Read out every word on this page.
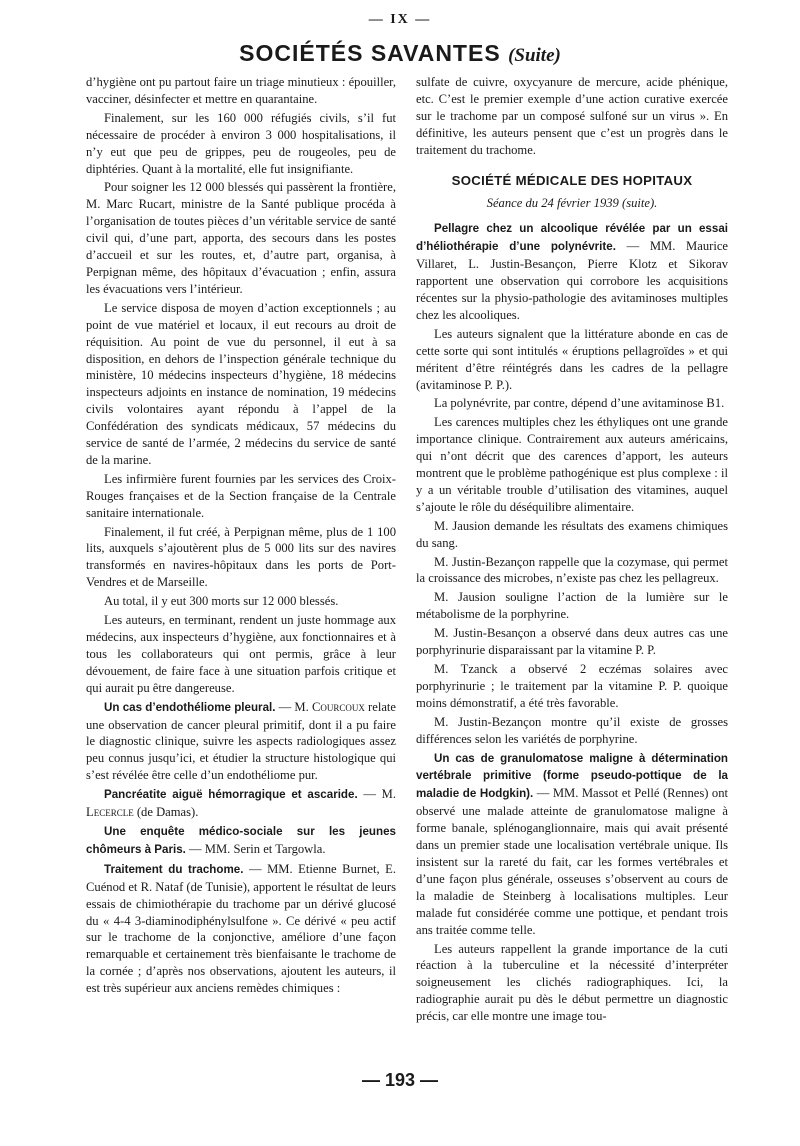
— IX —
SOCIÉTÉS SAVANTES (Suite)

d’hygiène ont pu partout faire un triage minutieux : épouiller, vacciner, désinfecter et mettre en quarantaine.

Finalement, sur les 160 000 réfugiés civils, s’il fut nécessaire de procéder à environ 3 000 hospitalisations, il n’y eut que peu de grippes, peu de rougeoles, peu de diphtéries. Quant à la mortalité, elle fut insignifiante.

Pour soigner les 12 000 blessés qui passèrent la frontière, M. Marc Rucart, ministre de la Santé publique procéda à l’organisation de toutes pièces d’un véritable service de santé civil qui, d’une part, apporta, des secours dans les postes d’accueil et sur les routes, et, d’autre part, organisa, à Perpignan même, des hôpitaux d’évacuation ; enfin, assura les évacuations vers l’intérieur.

Le service disposa de moyen d’action exceptionnels ; au point de vue matériel et locaux, il eut recours au droit de réquisition. Au point de vue du personnel, il eut à sa disposition, en dehors de l’inspection générale technique du ministère, 10 médecins inspecteurs d’hygiène, 18 médecins inspecteurs adjoints en instance de nomination, 19 médecins civils volontaires ayant répondu à l’appel de la Confédération des syndicats médicaux, 57 médecins du service de santé de l’armée, 2 médecins du service de santé de la marine.

Les infirmière furent fournies par les services des Croix-Rouges françaises et de la Section française de la Centrale sanitaire internationale.

Finalement, il fut créé, à Perpignan même, plus de 1 100 lits, auxquels s’ajoutèrent plus de 5 000 lits sur des navires transformés en navires-hôpitaux dans les ports de Port-Vendres et de Marseille.

Au total, il y eut 300 morts sur 12 000 blessés.

Les auteurs, en terminant, rendent un juste hommage aux médecins, aux inspecteurs d’hygiène, aux fonctionnaires et à tous les collaborateurs qui ont permis, grâce à leur dévouement, de faire face à une situation parfois critique et qui aurait pu être dangereuse.

Un cas d’endothéliome pleural. — M. Courcoux relate une observation de cancer pleural primitif, dont il a pu faire le diagnostic clinique, suivre les aspects radiologiques assez peu connus jusqu’ici, et étudier la structure histologique qui s’est révélée être celle d’un endothéliome pur.

Pancréatite aiguë hémorragique et ascaride. — M. Lecercle (de Damas).

Une enquête médico-sociale sur les jeunes chômeurs à Paris. — MM. Serin et Targowla.

Traitement du trachome. — MM. Etienne Burnet, E. Cuénod et R. Nataf (de Tunisie), apportent le résultat de leurs essais de chimiothérapie du trachome par un dérivé glucosé du « 4-4 3-diaminodiphénylsulfone ». Ce dérivé « peu actif sur le trachome de la conjonctive, améliore d’une façon remarquable et certainement très bienfaisante le trachome de la cornée ; d’après nos observations, ajoutent les auteurs, il est très supérieur aux anciens remèdes chimiques :

sulfate de cuivre, oxycyanure de mercure, acide phénique, etc. C’est le premier exemple d’une action curative exercée sur le trachome par un composé sulfoné sur un virus ». En définitive, les auteurs pensent que c’est un progrès dans le traitement du trachome.

SOCIÉTÉ MÉDICALE DES HOPITAUX
Séance du 24 février 1939 (suite).

Pellagre chez un alcoolique révélée par un essai d’héliothérapie d’une polynévrite. — MM. Maurice Villaret, L. Justin-Besançon, Pierre Klotz et Sikorav rapportent une observation qui corrobore les acquisitions récentes sur la physio-pathologie des avitaminoses multiples chez les alcooliques.

Les auteurs signalent que la littérature abonde en cas de cette sorte qui sont intitulés « éruptions pellagroïdes » et qui méritent d’être réintégrés dans les cadres de la pellagre (avitaminose P. P.).

La polynévrite, par contre, dépend d’une avitaminose B1.

Les carences multiples chez les éthyliques ont une grande importance clinique. Contrairement aux auteurs américains, qui n’ont décrit que des carences d’apport, les auteurs montrent que le problème pathogénique est plus complexe : il y a un véritable trouble d’utilisation des vitamines, auquel s’ajoute le rôle du déséquilibre alimentaire.

M. Jausion demande les résultats des examens chimiques du sang.

M. Justin-Bezançon rappelle que la cozymase, qui permet la croissance des microbes, n’existe pas chez les pellagreux.

M. Jausion souligne l’action de la lumière sur le métabolisme de la porphyrine.

M. Justin-Besançon a observé dans deux autres cas une porphyrinurie disparaissant par la vitamine P. P.

M. Tzanck a observé 2 eczémas solaires avec porphyrinurie ; le traitement par la vitamine P. P. quoique moins démonstratif, a été très favorable.

M. Justin-Bezançon montre qu’il existe de grosses différences selon les variétés de porphyrine.

Un cas de granulomatose maligne à détermination vertébrale primitive (forme pseudo-pottique de la maladie de Hodgkin). — MM. Massot et Pellé (Rennes) ont observé une malade atteinte de granulomatose maligne à forme banale, splénoganglionnaire, mais qui avait présenté dans un premier stade une localisation vertébrale unique. Ils insistent sur la rareté du fait, car les formes vertébrales et d’une façon plus générale, osseuses s’observent au cours de la maladie de Steinberg à localisations multiples. Leur malade fut considérée comme une pottique, et pendant trois ans traitée comme telle.

Les auteurs rappellent la grande importance de la cuti réaction à la tuberculine et la nécessité d’interpréter soigneusement les clichés radiographiques. Ici, la radiographie aurait pu dès le début permettre un diagnostic précis, car elle montre une image tou-

— 193 —
